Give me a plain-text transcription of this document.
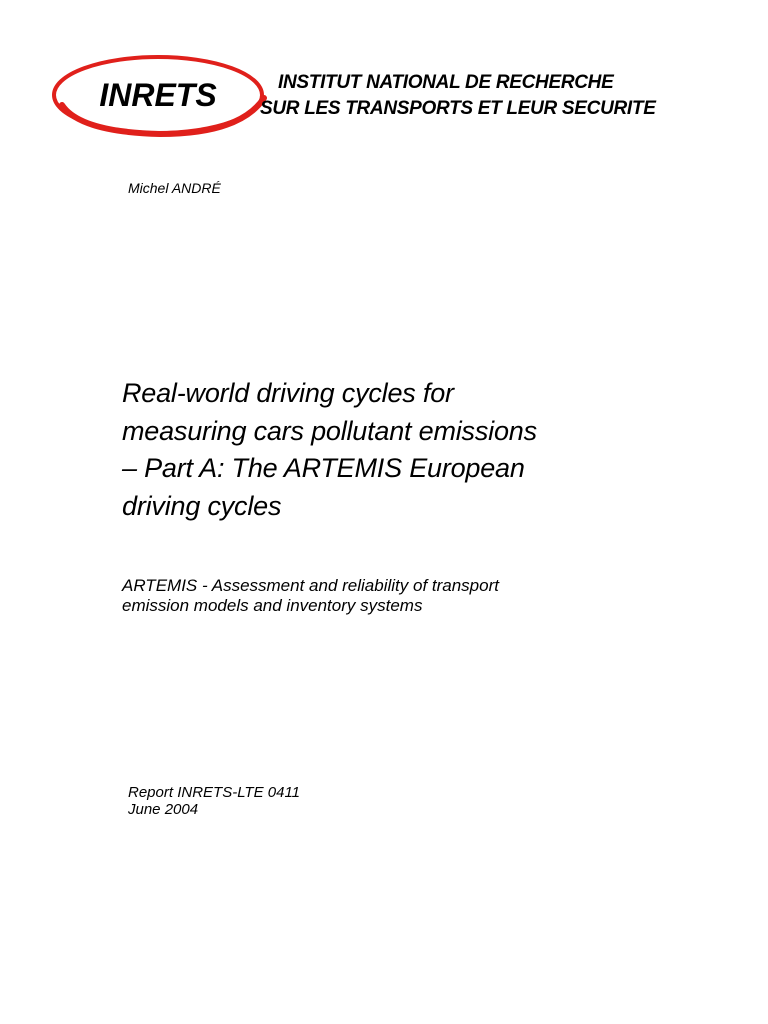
INRETS	INSTITUT NATIONAL DE RECHERCHE
SUR LES TRANSPORTS ET LEUR SECURITE
Michel ANDRÉ
Real-world driving cycles for
measuring cars pollutant emissions
– Part A: The ARTEMIS European
driving cycles

ARTEMIS - Assessment and reliability of transport
emission models and inventory systems

Report INRETS-LTE 0411
June 2004
